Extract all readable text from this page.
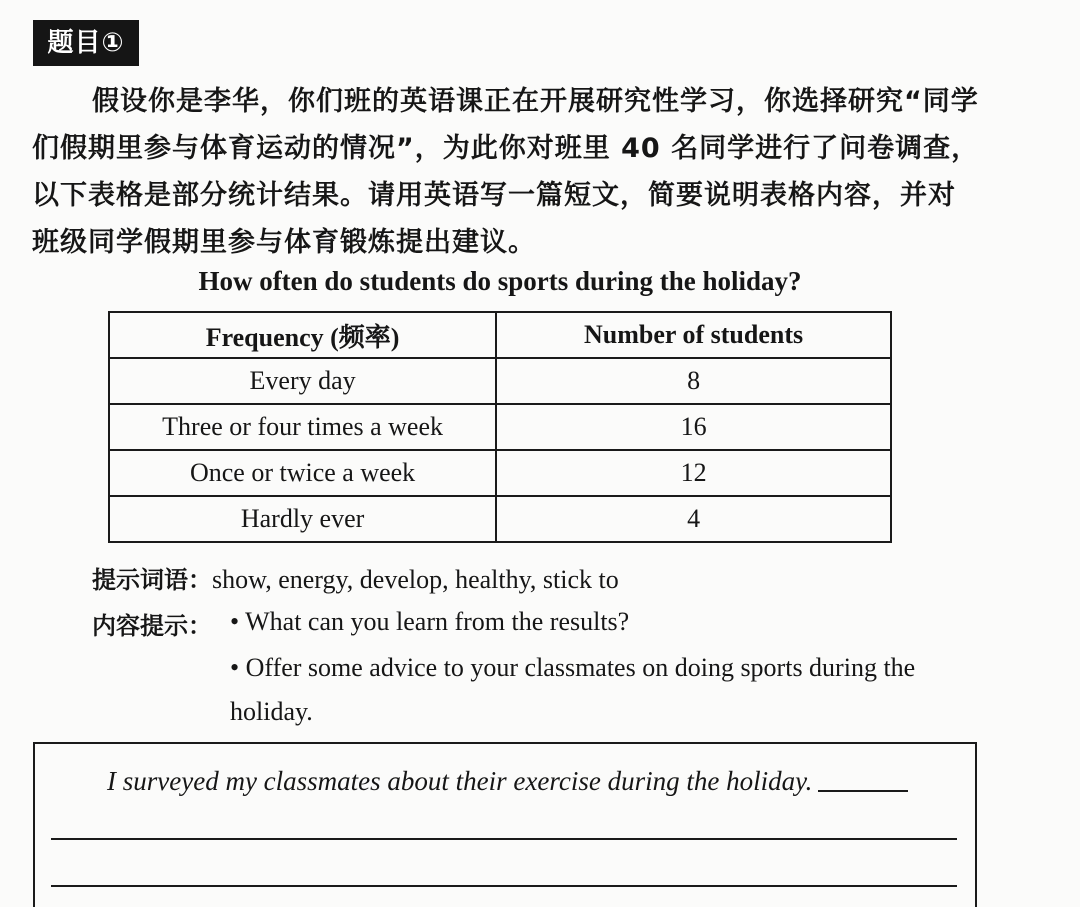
题目①
假设你是李华，你们班的英语课正在开展研究性学习，你选择研究“同学们假期里参与体育运动的情况”，为此你对班里 40 名同学进行了问卷调查，以下表格是部分统计结果。请用英语写一篇短文，简要说明表格内容，并对班级同学假期里参与体育锻炼提出建议。
How often do students do sports during the holiday?
Frequency (频率)	Number of students
Every day	8
Three or four times a week	16
Once or twice a week	12
Hardly ever	4
提示词语：show, energy, develop, healthy, stick to
内容提示： • What can you learn from the results?
• Offer some advice to your classmates on doing sports during the holiday.
I surveyed my classmates about their exercise during the holiday.
